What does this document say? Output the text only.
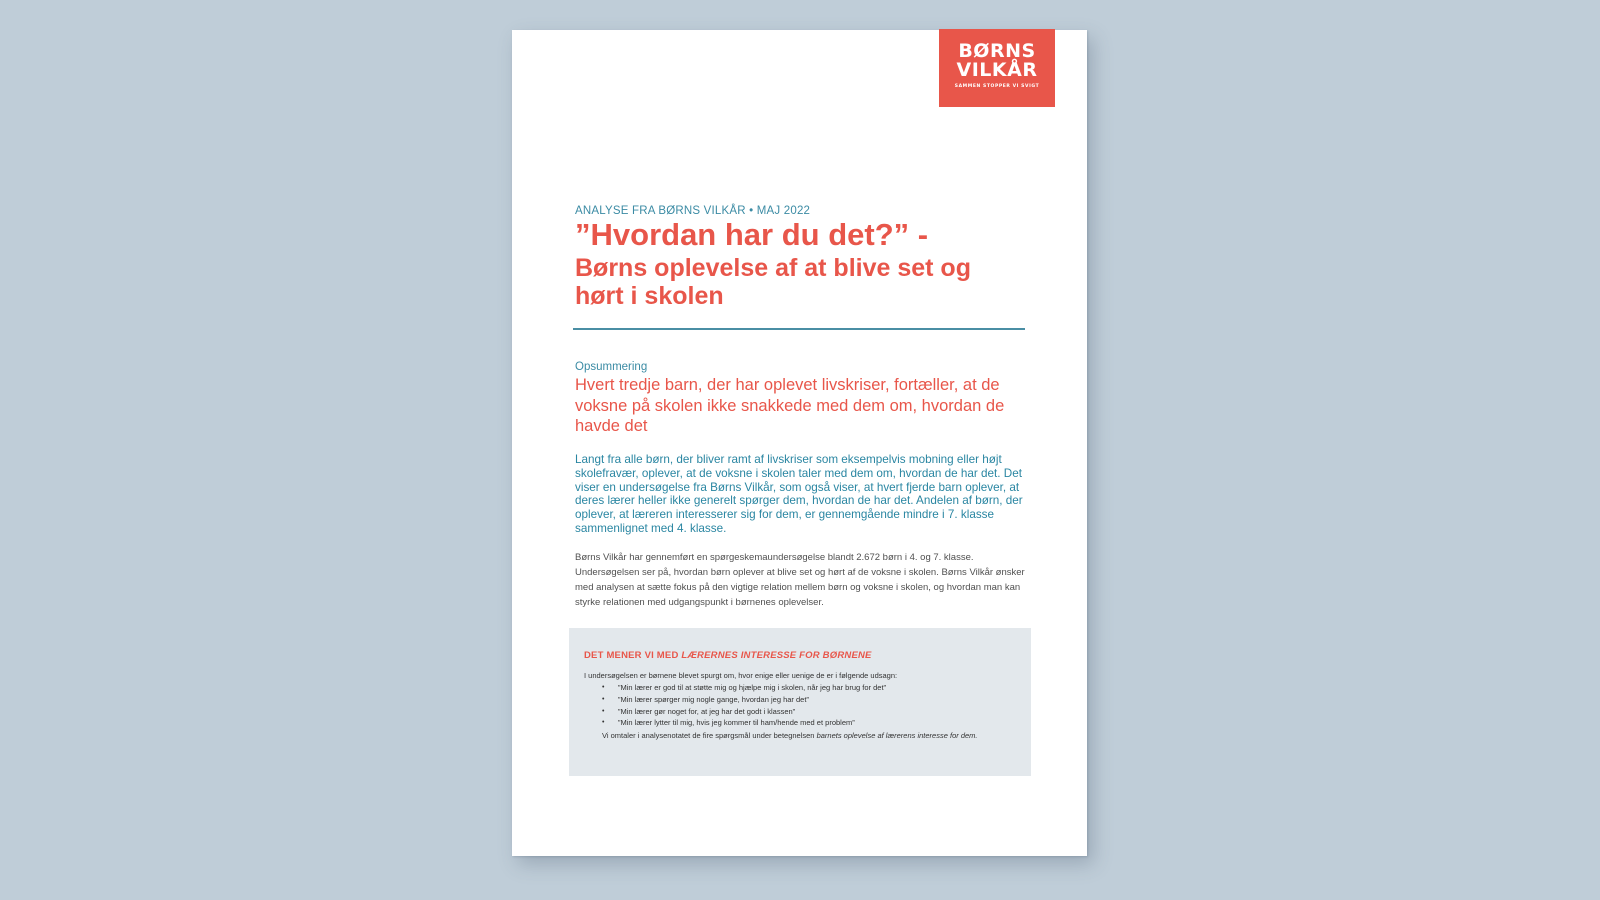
BØRNS
VILKÅR
SAMMEN STOPPER VI SVIGT
ANALYSE FRA BØRNS VILKÅR • MAJ 2022
”Hvordan har du det?” -
Børns oplevelse af at blive set og hørt i skolen
Opsummering
Hvert tredje barn, der har oplevet livskriser, fortæller, at de voksne på skolen ikke snakkede med dem om, hvordan de havde det
Langt fra alle børn, der bliver ramt af livskriser som eksempelvis mobning eller højt skolefravær, oplever, at de voksne i skolen taler med dem om, hvordan de har det. Det viser en undersøgelse fra Børns Vilkår, som også viser, at hvert fjerde barn oplever, at deres lærer heller ikke generelt spørger dem, hvordan de har det. Andelen af børn, der oplever, at læreren interesserer sig for dem, er gennemgående mindre i 7. klasse sammenlignet med 4. klasse.
Børns Vilkår har gennemført en spørgeskemaundersøgelse blandt 2.672 børn i 4. og 7. klasse. Undersøgelsen ser på, hvordan børn oplever at blive set og hørt af de voksne i skolen. Børns Vilkår ønsker med analysen at sætte fokus på den vigtige relation mellem børn og voksne i skolen, og hvordan man kan styrke relationen med udgangspunkt i børnenes oplevelser.
DET MENER VI MED LÆRERNES INTERESSE FOR BØRNENE
I undersøgelsen er børnene blevet spurgt om, hvor enige eller uenige de er i følgende udsagn:
• ”Min lærer er god til at støtte mig og hjælpe mig i skolen, når jeg har brug for det”
• ”Min lærer spørger mig nogle gange, hvordan jeg har det”
• ”Min lærer gør noget for, at jeg har det godt i klassen”
• ”Min lærer lytter til mig, hvis jeg kommer til ham/hende med et problem”
Vi omtaler i analysenotatet de fire spørgsmål under betegnelsen barnets oplevelse af lærerens interesse for dem.
